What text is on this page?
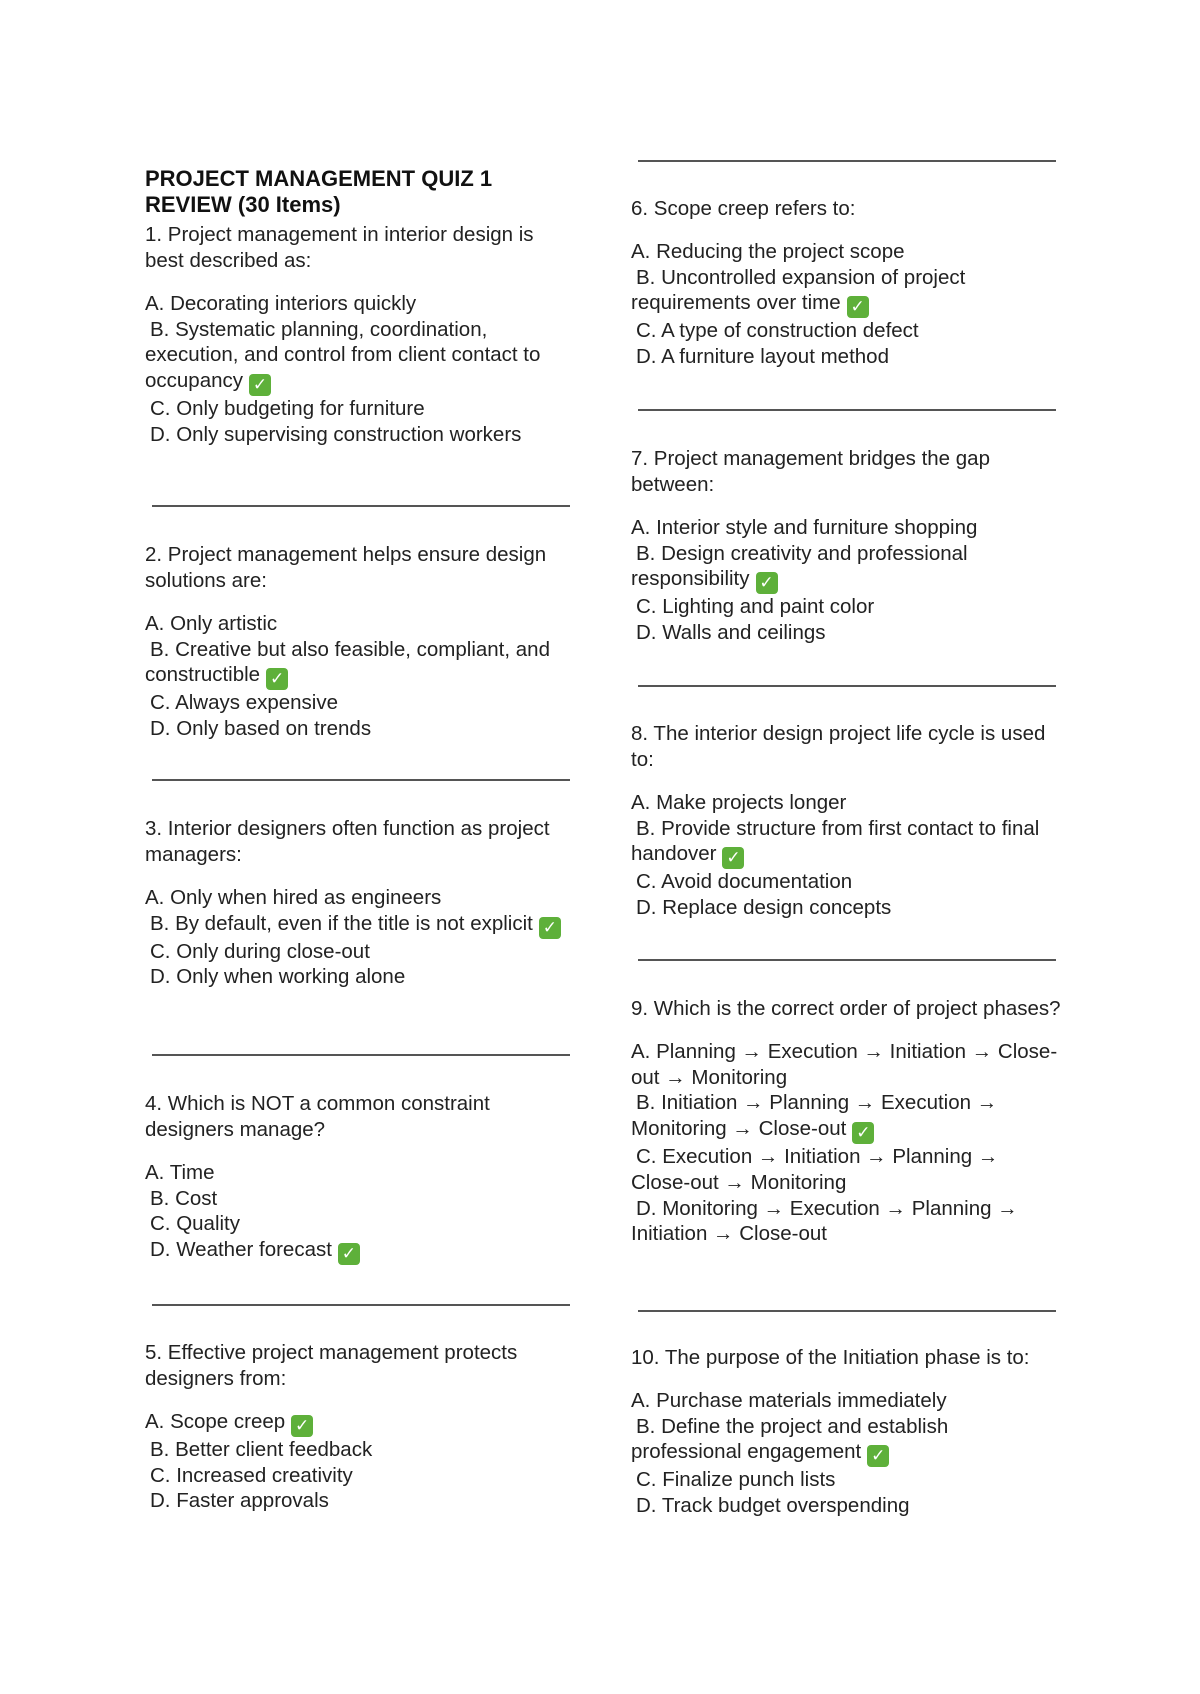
PROJECT MANAGEMENT QUIZ 1 REVIEW (30 Items)

1. Project management in interior design is best described as:

A. Decorating interiors quickly

B. Systematic planning, coordination, execution, and control from client contact to occupancy ✓

C. Only budgeting for furniture

D. Only supervising construction workers

2. Project management helps ensure design solutions are:

A. Only artistic

B. Creative but also feasible, compliant, and constructible ✓

C. Always expensive

D. Only based on trends

3. Interior designers often function as project managers:

A. Only when hired as engineers

B. By default, even if the title is not explicit ✓

C. Only during close-out

D. Only when working alone

4. Which is NOT a common constraint designers manage?

A. Time

B. Cost

C. Quality

D. Weather forecast ✓

5. Effective project management protects designers from:

A. Scope creep ✓

B. Better client feedback

C. Increased creativity

D. Faster approvals

6. Scope creep refers to:

A. Reducing the project scope

B. Uncontrolled expansion of project requirements over time ✓

C. A type of construction defect

D. A furniture layout method

7. Project management bridges the gap between:

A. Interior style and furniture shopping

B. Design creativity and professional responsibility ✓

C. Lighting and paint color

D. Walls and ceilings

8. The interior design project life cycle is used to:

A. Make projects longer

B. Provide structure from first contact to final handover ✓

C. Avoid documentation

D. Replace design concepts

9. Which is the correct order of project phases?

A. Planning → Execution → Initiation → Close-out → Monitoring

B. Initiation → Planning → Execution → Monitoring → Close-out ✓

C. Execution → Initiation → Planning → Close-out → Monitoring

D. Monitoring → Execution → Planning → Initiation → Close-out

10. The purpose of the Initiation phase is to:

A. Purchase materials immediately

B. Define the project and establish professional engagement ✓

C. Finalize punch lists

D. Track budget overspending
